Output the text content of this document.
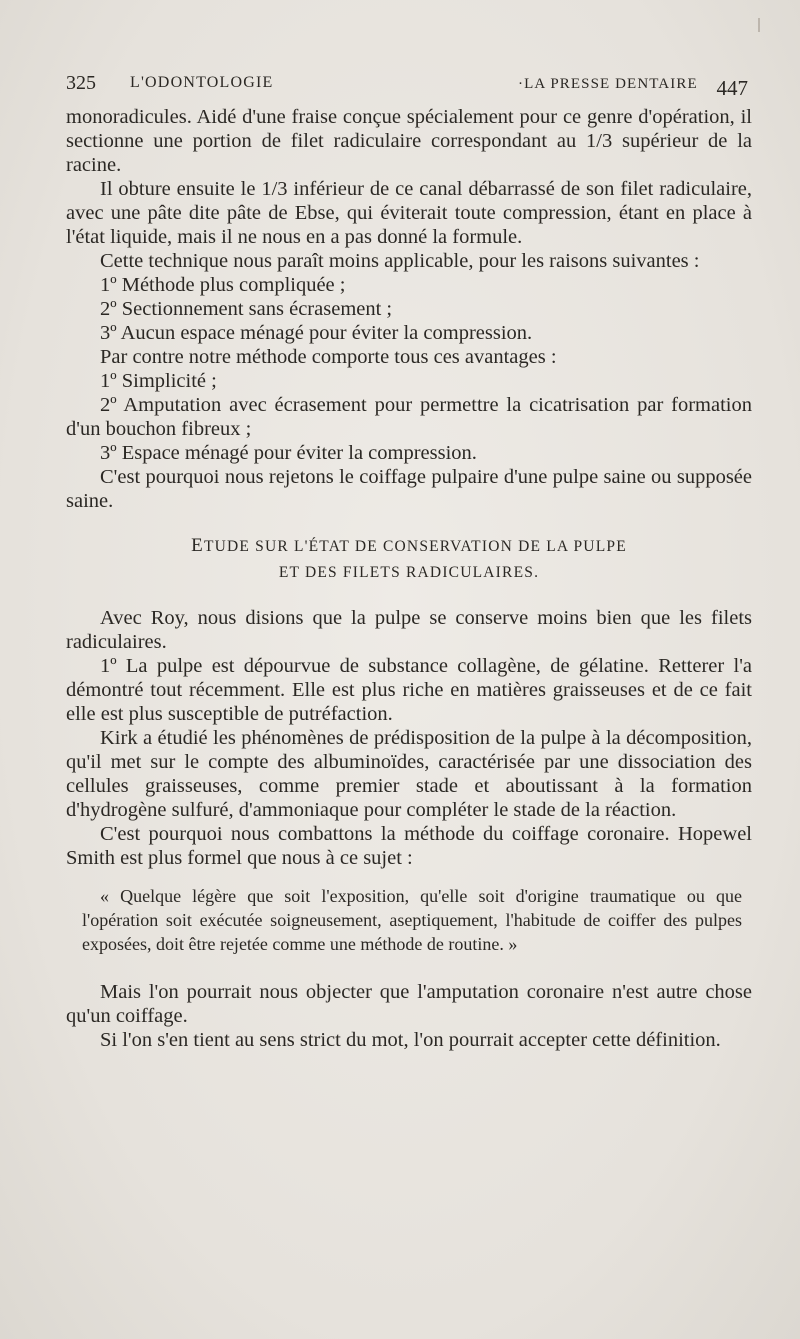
325 L'ODONTOLOGIE	·LA PRESSE DENTAIRE 447

monoradicules. Aidé d'une fraise conçue spécialement pour ce genre d'opération, il sectionne une portion de filet radiculaire correspondant au 1/3 supérieur de la racine.

Il obture ensuite le 1/3 inférieur de ce canal débarrassé de son filet radiculaire, avec une pâte dite pâte de Ebse, qui éviterait toute compression, étant en place à l'état liquide, mais il ne nous en a pas donné la formule.

Cette technique nous paraît moins applicable, pour les raisons suivantes :

1º Méthode plus compliquée ;

2º Sectionnement sans écrasement ;

3º Aucun espace ménagé pour éviter la compression.

Par contre notre méthode comporte tous ces avantages :

1º Simplicité ;

2º Amputation avec écrasement pour permettre la cicatrisation par formation d'un bouchon fibreux ;

3º Espace ménagé pour éviter la compression.

C'est pourquoi nous rejetons le coiffage pulpaire d'une pulpe saine ou supposée saine.

ETUDE SUR L'ÉTAT DE CONSERVATION DE LA PULPE

ET DES FILETS RADICULAIRES.

Avec Roy, nous disions que la pulpe se conserve moins bien que les filets radiculaires.

1º La pulpe est dépourvue de substance collagène, de gélatine. Retterer l'a démontré tout récemment. Elle est plus riche en matières graisseuses et de ce fait elle est plus susceptible de putréfaction.

Kirk a étudié les phénomènes de prédisposition de la pulpe à la décomposition, qu'il met sur le compte des albuminoïdes, caractérisée par une dissociation des cellules graisseuses, comme premier stade et aboutissant à la formation d'hydrogène sulfuré, d'ammoniaque pour compléter le stade de la réaction.

C'est pourquoi nous combattons la méthode du coiffage coronaire. Hopewel Smith est plus formel que nous à ce sujet :

« Quelque légère que soit l'exposition, qu'elle soit d'origine traumatique ou que l'opération soit exécutée soigneusement, aseptiquement, l'habitude de coiffer des pulpes exposées, doit être rejetée comme une méthode de routine. »

Mais l'on pourrait nous objecter que l'amputation coronaire n'est autre chose qu'un coiffage.

Si l'on s'en tient au sens strict du mot, l'on pourrait accepter cette définition.
